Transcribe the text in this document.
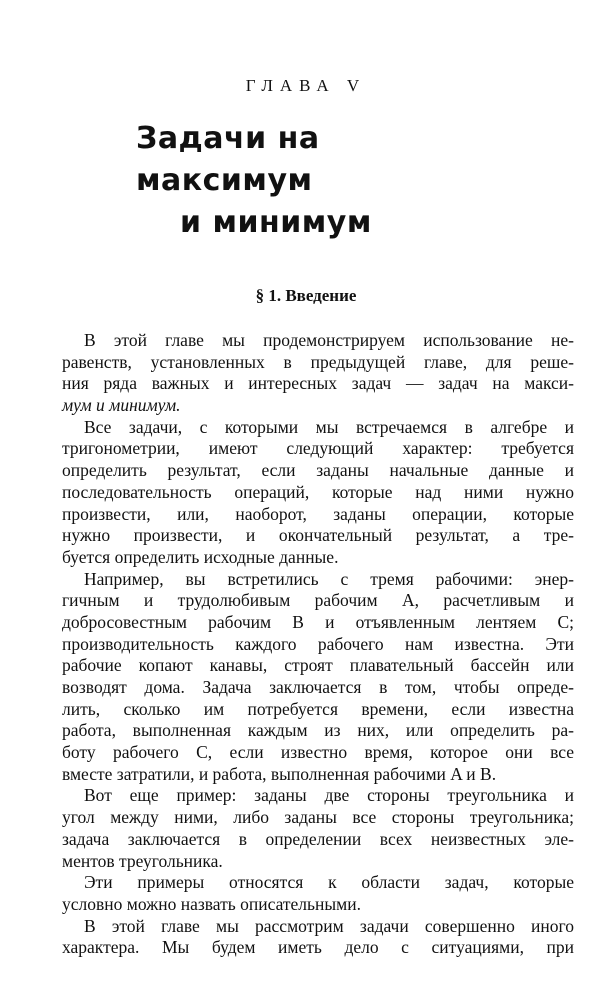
ГЛАВА V
Задачи на максимум
и минимум
§ 1. Введение
В этой главе мы продемонстрируем использование не-
равенств, установленных в предыдущей главе, для реше-
ния ряда важных и интересных задач — задач на макси-
мум и минимум.
Все задачи, с которыми мы встречаемся в алгебре и
тригонометрии, имеют следующий характер: требуется
определить результат, если заданы начальные данные и
последовательность операций, которые над ними нужно
произвести, или, наоборот, заданы операции, которые
нужно произвести, и окончательный результат, а тре-
буется определить исходные данные.
Например, вы встретились с тремя рабочими: энер-
гичным и трудолюбивым рабочим A, расчетливым и
добросовестным рабочим B и отъявленным лентяем C;
производительность каждого рабочего нам известна. Эти
рабочие копают канавы, строят плавательный бассейн или
возводят дома. Задача заключается в том, чтобы опреде-
лить, сколько им потребуется времени, если известна
работа, выполненная каждым из них, или определить ра-
боту рабочего C, если известно время, которое они все
вместе затратили, и работа, выполненная рабочими A и B.
Вот еще пример: заданы две стороны треугольника и
угол между ними, либо заданы все стороны треугольника;
задача заключается в определении всех неизвестных эле-
ментов треугольника.
Эти примеры относятся к области задач, которые
условно можно назвать описательными.
В этой главе мы рассмотрим задачи совершенно иного
характера. Мы будем иметь дело с ситуациями, при
